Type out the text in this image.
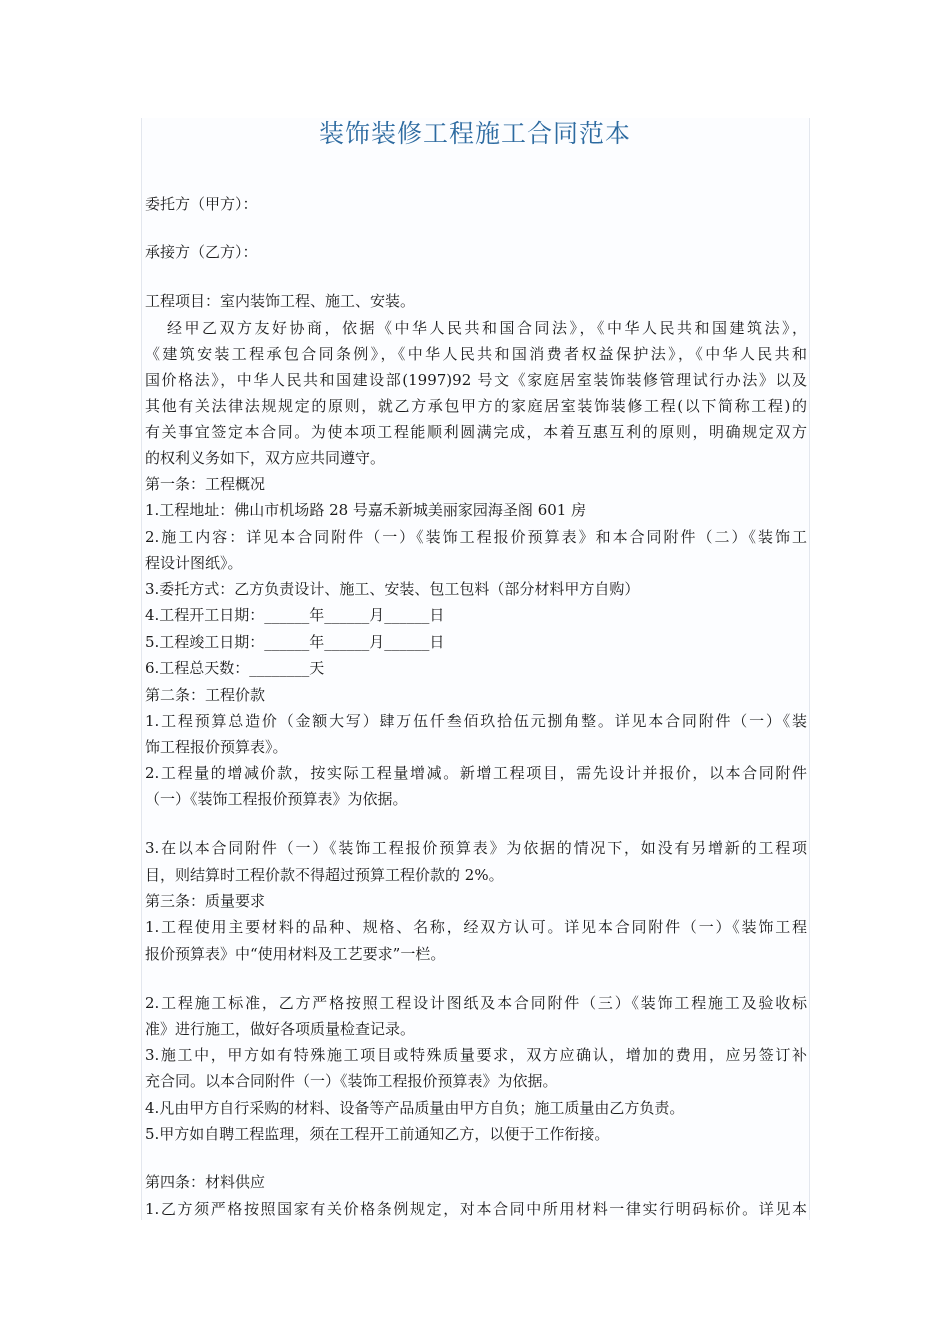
装饰装修工程施工合同范本
委托方（甲方）：
承接方（乙方）：
工程项目：室内装饰工程、施工、安装。
经甲乙双方友好协商，依据《中华人民共和国合同法》，《中华人民共和国建筑法》，
《建筑安装工程承包合同条例》，《中华人民共和国消费者权益保护法》，《中华人民共和
国价格法》，中华人民共和国建设部(1997)92 号文《家庭居室装饰装修管理试行办法》以及
其他有关法律法规规定的原则，就乙方承包甲方的家庭居室装饰装修工程(以下简称工程)的
有关事宜签定本合同。为使本项工程能顺利圆满完成，本着互惠互利的原则，明确规定双方
的权利义务如下，双方应共同遵守。
第一条：工程概况
1.工程地址：佛山市机场路 28 号嘉禾新城美丽家园海圣阁 601 房
2.施工内容：详见本合同附件（一）《装饰工程报价预算表》和本合同附件（二）《装饰工
程设计图纸》。
3.委托方式：乙方负责设计、施工、安装、包工包料（部分材料甲方自购）
4.工程开工日期：______年______月______日
5.工程竣工日期：______年______月______日
6.工程总天数：________天
第二条：工程价款
1.工程预算总造价（金额大写）肆万伍仟叁佰玖拾伍元捌角整。详见本合同附件（一）《装
饰工程报价预算表》。
2.工程量的增减价款，按实际工程量增减。新增工程项目，需先设计并报价，以本合同附件
（一）《装饰工程报价预算表》为依据。
3.在以本合同附件（一）《装饰工程报价预算表》为依据的情况下，如没有另增新的工程项
目，则结算时工程价款不得超过预算工程价款的 2%。
第三条：质量要求
1.工程使用主要材料的品种、规格、名称，经双方认可。详见本合同附件（一）《装饰工程
报价预算表》中“使用材料及工艺要求”一栏。
2.工程施工标准，乙方严格按照工程设计图纸及本合同附件（三）《装饰工程施工及验收标
准》进行施工，做好各项质量检查记录。
3.施工中，甲方如有特殊施工项目或特殊质量要求，双方应确认，增加的费用，应另签订补
充合同。以本合同附件（一）《装饰工程报价预算表》为依据。
4.凡由甲方自行采购的材料、设备等产品质量由甲方自负；施工质量由乙方负责。
5.甲方如自聘工程监理，须在工程开工前通知乙方，以便于工作衔接。
第四条：材料供应
1.乙方须严格按照国家有关价格条例规定，对本合同中所用材料一律实行明码标价。详见本
